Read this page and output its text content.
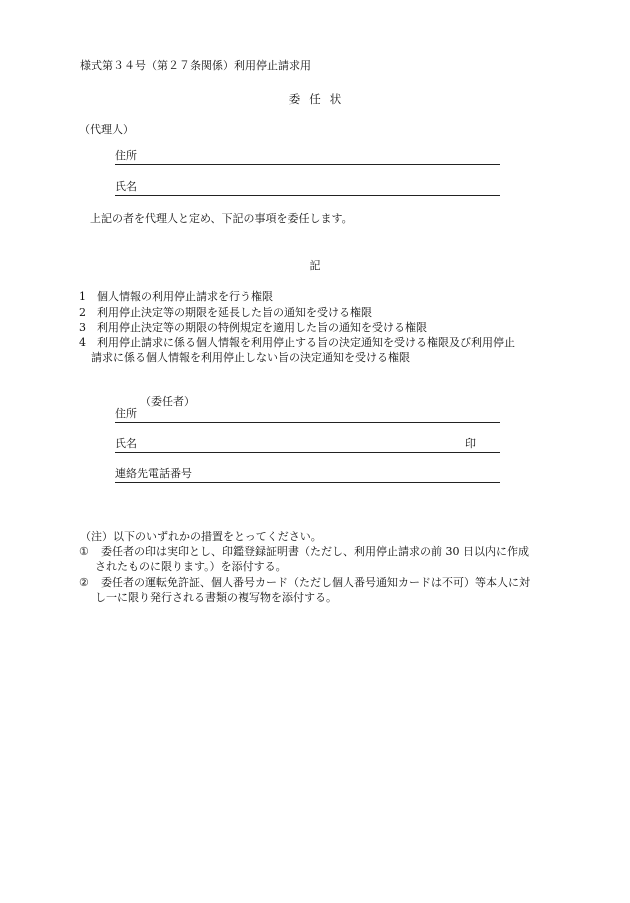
様式第３４号（第２７条関係）利用停止請求用
委任状
（代理人）
住所
氏名
上記の者を代理人と定め、下記の事項を委任します。
記
1 個人情報の利用停止請求を行う権限
2 利用停止決定等の期限を延長した旨の通知を受ける権限
3 利用停止決定等の期限の特例規定を適用した旨の通知を受ける権限
4 利用停止請求に係る個人情報を利用停止する旨の決定通知を受ける権限及び利用停止
請求に係る個人情報を利用停止しない旨の決定通知を受ける権限
（委任者）
住所
氏名	印
連絡先電話番号
（注）以下のいずれかの措置をとってください。
① 委任者の印は実印とし、印鑑登録証明書（ただし、利用停止請求の前 30 日以内に作成
されたものに限ります。）を添付する。
② 委任者の運転免許証、個人番号カード（ただし個人番号通知カードは不可）等本人に対
し一に限り発行される書類の複写物を添付する。
